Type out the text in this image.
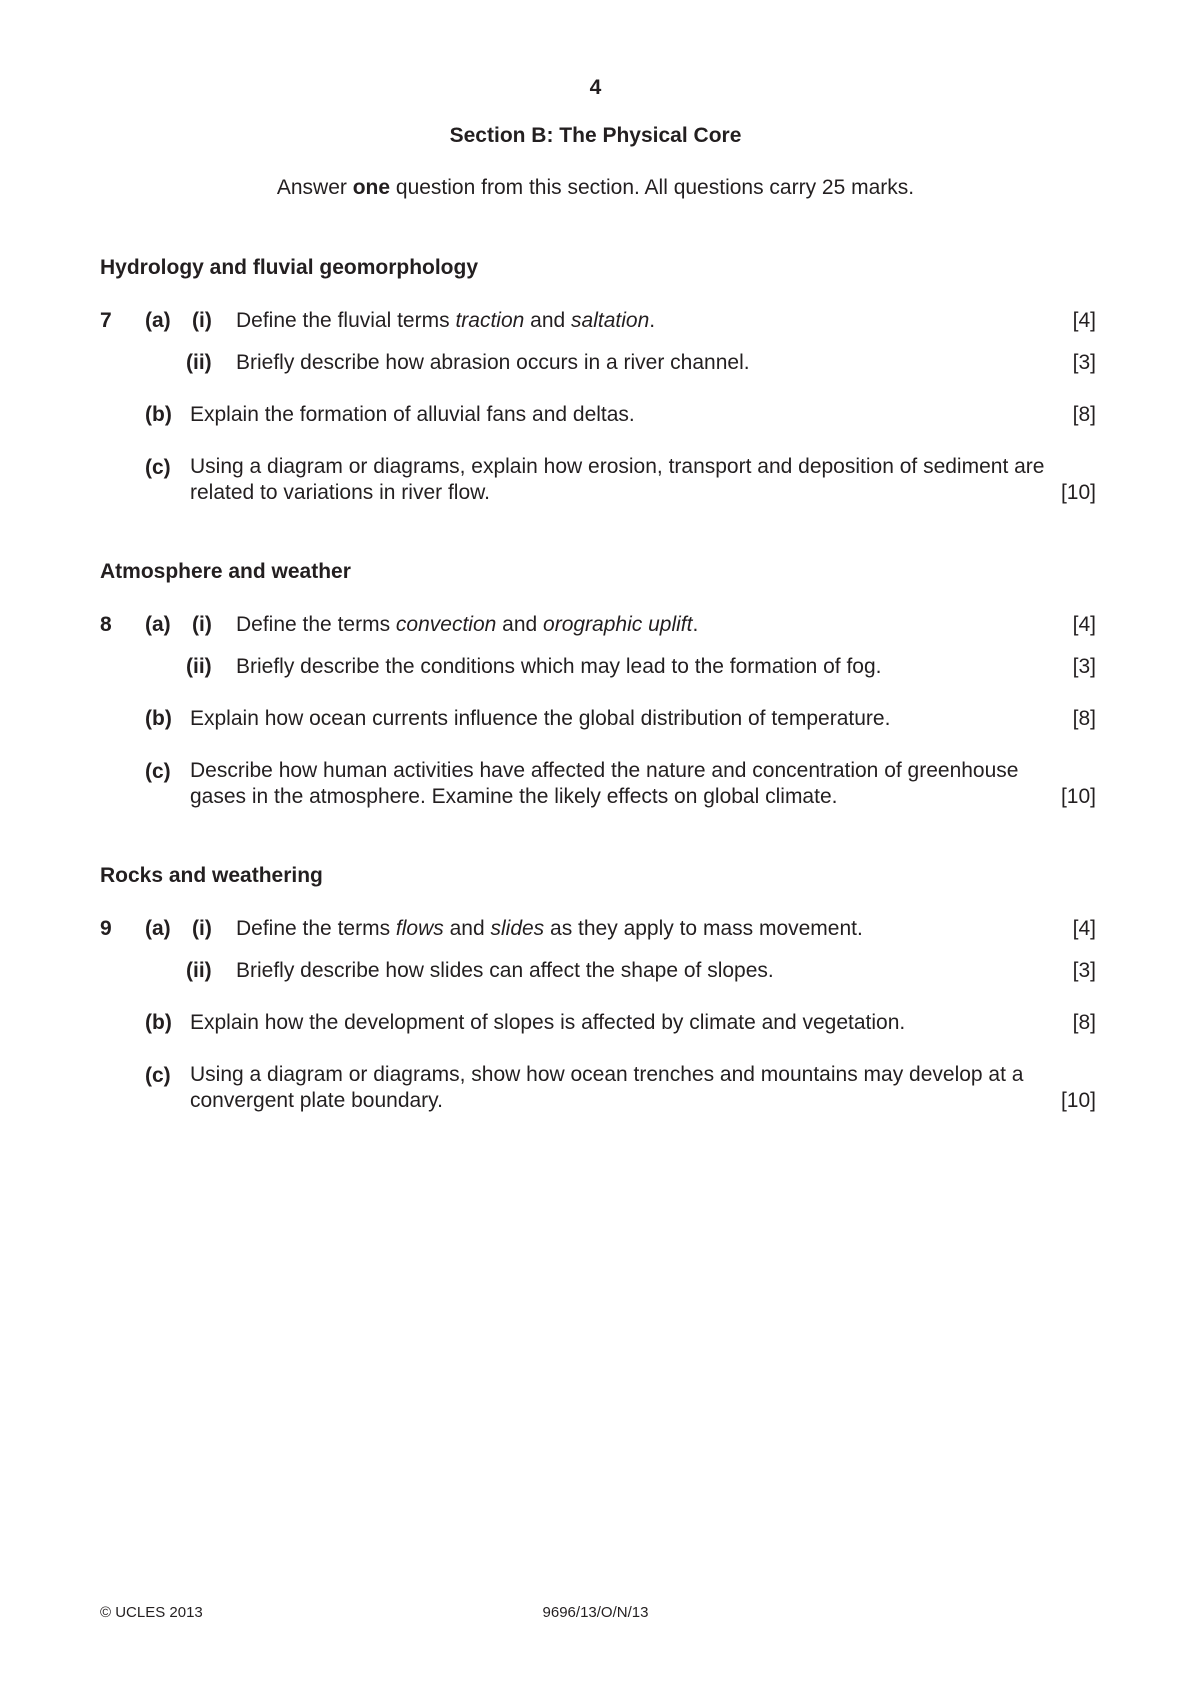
4
Section B: The Physical Core
Answer one question from this section. All questions carry 25 marks.
Hydrology and fluvial geomorphology
7 (a) (i) Define the fluvial terms traction and saltation.	[4]
(ii) Briefly describe how abrasion occurs in a river channel.	[3]
(b) Explain the formation of alluvial fans and deltas.	[8]
(c) Using a diagram or diagrams, explain how erosion, transport and deposition of sediment are
related to variations in river flow.	[10]
Atmosphere and weather
8 (a) (i) Define the terms convection and orographic uplift.	[4]
(ii) Briefly describe the conditions which may lead to the formation of fog.	[3]
(b) Explain how ocean currents influence the global distribution of temperature.	[8]
(c) Describe how human activities have affected the nature and concentration of greenhouse
gases in the atmosphere. Examine the likely effects on global climate.	[10]
Rocks and weathering
9 (a) (i) Define the terms flows and slides as they apply to mass movement.	[4]
(ii) Briefly describe how slides can affect the shape of slopes.	[3]
(b) Explain how the development of slopes is affected by climate and vegetation.	[8]
(c) Using a diagram or diagrams, show how ocean trenches and mountains may develop at a
convergent plate boundary.	[10]
© UCLES 2013	9696/13/O/N/13
